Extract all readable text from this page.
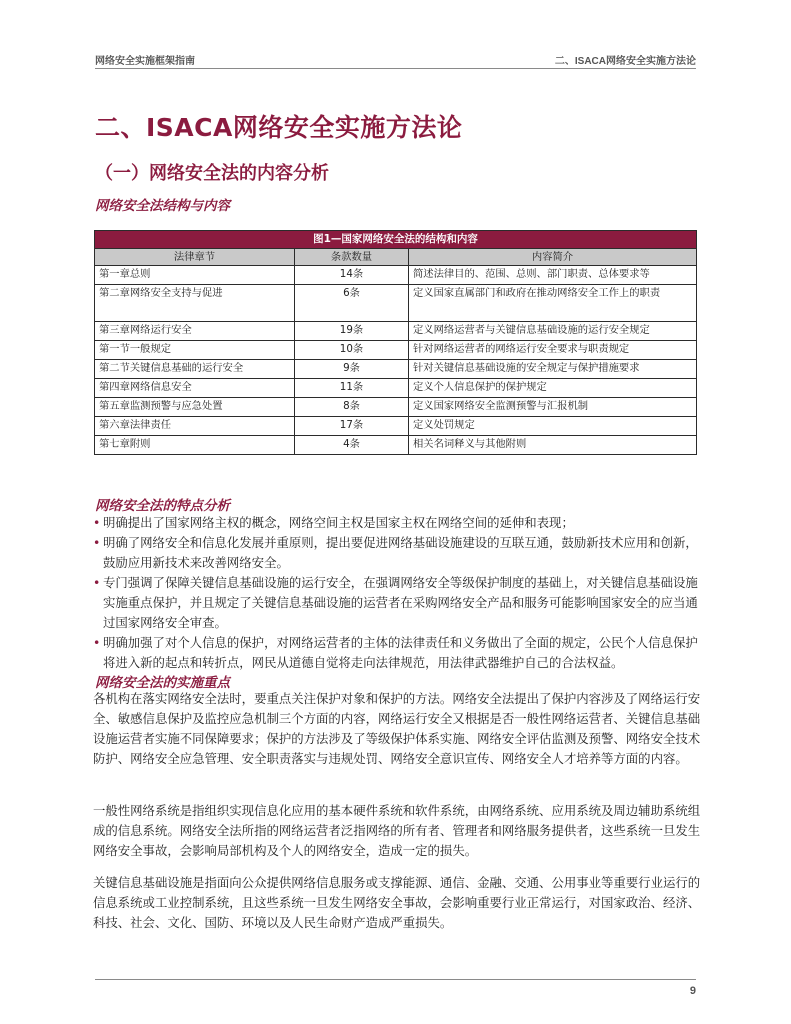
网络安全实施框架指南	二、ISACA网络安全实施方法论
二、ISACA网络安全实施方法论
（一）网络安全法的内容分析
网络安全法结构与内容
图1—国家网络安全法的结构和内容		
法律章节	条款数量	内容简介
第一章总则	14条	简述法律目的、范围、总则、部门职责、总体要求等
第二章网络安全支持与促进	6条	定义国家直属部门和政府在推动网络安全工作上的职责
第三章网络运行安全	19条	定义网络运营者与关键信息基础设施的运行安全规定
第一节一般规定	10条	针对网络运营者的网络运行安全要求与职责规定
第二节关键信息基础的运行安全	9条	针对关键信息基础设施的安全规定与保护措施要求
第四章网络信息安全	11条	定义个人信息保护的保护规定
第五章监测预警与应急处置	8条	定义国家网络安全监测预警与汇报机制
第六章法律责任	17条	定义处罚规定
第七章附则	4条	相关名词释义与其他附则
网络安全法的特点分析
• 明确提出了国家网络主权的概念，网络空间主权是国家主权在网络空间的延伸和表现；
• 明确了网络安全和信息化发展并重原则，提出要促进网络基础设施建设的互联互通，鼓励新技术应用和创新，鼓励应用新技术来改善网络安全。
• 专门强调了保障关键信息基础设施的运行安全，在强调网络安全等级保护制度的基础上，对关键信息基础设施实施重点保护，并且规定了关键信息基础设施的运营者在采购网络安全产品和服务可能影响国家安全的应当通过国家网络安全审查。
• 明确加强了对个人信息的保护，对网络运营者的主体的法律责任和义务做出了全面的规定，公民个人信息保护将进入新的起点和转折点，网民从道德自觉将走向法律规范，用法律武器维护自己的合法权益。
网络安全法的实施重点

各机构在落实网络安全法时，要重点关注保护对象和保护的方法。网络安全法提出了保护内容涉及了网络运行安全、敏感信息保护及监控应急机制三个方面的内容，网络运行安全又根据是否一般性网络运营者、关键信息基础设施运营者实施不同保障要求；保护的方法涉及了等级保护体系实施、网络安全评估监测及预警、网络安全技术防护、网络安全应急管理、安全职责落实与违规处罚、网络安全意识宣传、网络安全人才培养等方面的内容。

一般性网络系统是指组织实现信息化应用的基本硬件系统和软件系统，由网络系统、应用系统及周边辅助系统组成的信息系统。网络安全法所指的网络运营者泛指网络的所有者、管理者和网络服务提供者，这些系统一旦发生网络安全事故，会影响局部机构及个人的网络安全，造成一定的损失。

关键信息基础设施是指面向公众提供网络信息服务或支撑能源、通信、金融、交通、公用事业等重要行业运行的信息系统或工业控制系统，且这些系统一旦发生网络安全事故，会影响重要行业正常运行，对国家政治、经济、科技、社会、文化、国防、环境以及人民生命财产造成严重损失。

9
